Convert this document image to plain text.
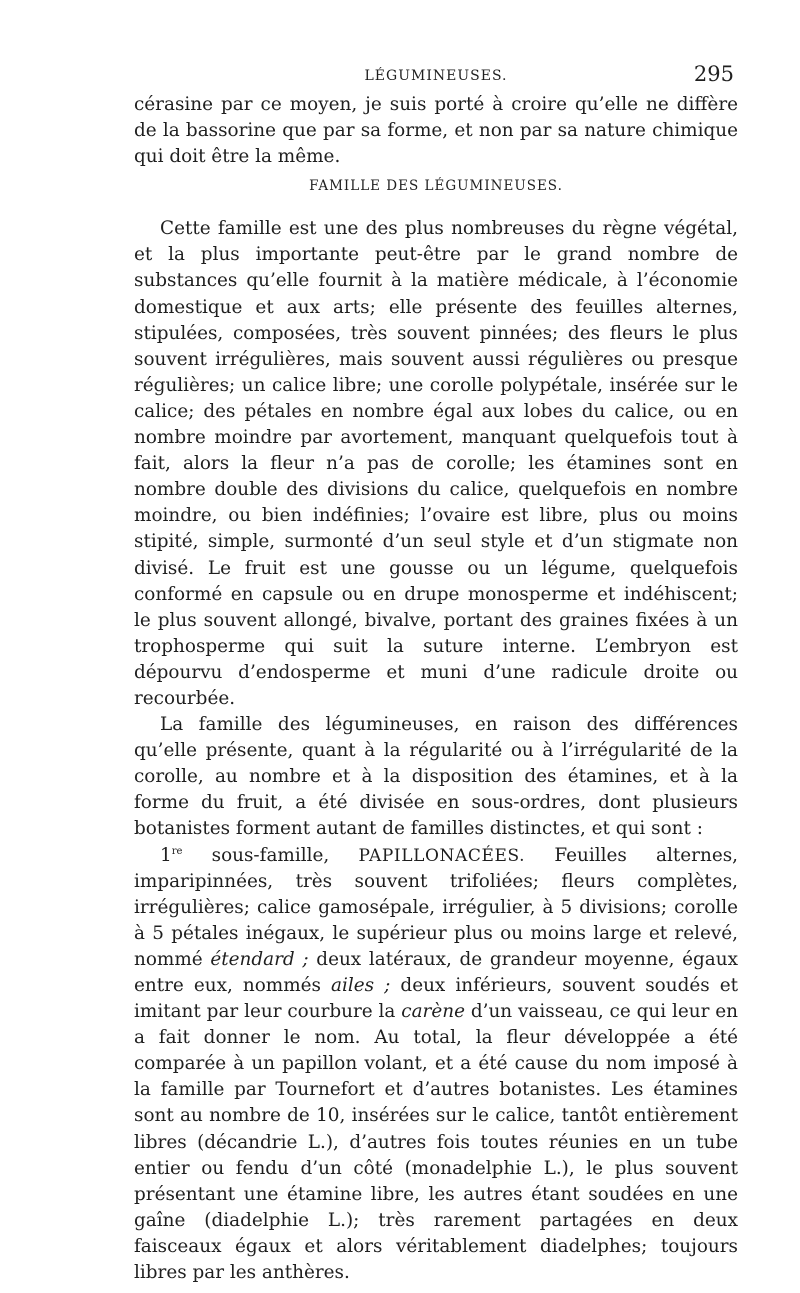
LÉGUMINEUSES.	295

cérasine par ce moyen, je suis porté à croire qu’elle ne diffère de la bassorine que par sa forme, et non par sa nature chimique qui doit être la même.

FAMILLE DES LÉGUMINEUSES.

Cette famille est une des plus nombreuses du règne végétal, et la plus importante peut-être par le grand nombre de substances qu’elle fournit à la matière médicale, à l’économie domestique et aux arts; elle présente des feuilles alternes, stipulées, composées, très souvent pinnées; des fleurs le plus souvent irrégulières, mais souvent aussi régulières ou presque régulières; un calice libre; une corolle polypétale, insérée sur le calice; des pétales en nombre égal aux lobes du calice, ou en nombre moindre par avortement, manquant quelquefois tout à fait, alors la fleur n’a pas de corolle; les étamines sont en nombre double des divisions du calice, quelquefois en nombre moindre, ou bien indéfinies; l’ovaire est libre, plus ou moins stipité, simple, surmonté d’un seul style et d’un stigmate non divisé. Le fruit est une gousse ou un légume, quelquefois conformé en capsule ou en drupe monosperme et indéhiscent; le plus souvent allongé, bivalve, portant des graines fixées à un trophosperme qui suit la suture interne. L’embryon est dépourvu d’endosperme et muni d’une radicule droite ou recourbée.

La famille des légumineuses, en raison des différences qu’elle présente, quant à la régularité ou à l’irrégularité de la corolle, au nombre et à la disposition des étamines, et à la forme du fruit, a été divisée en sous-ordres, dont plusieurs botanistes forment autant de familles distinctes, et qui sont :

1re sous-famille, PAPILLONACÉES. Feuilles alternes, imparipinnées, très souvent trifoliées; fleurs complètes, irrégulières; calice gamosépale, irrégulier, à 5 divisions; corolle à 5 pétales inégaux, le supérieur plus ou moins large et relevé, nommé étendard ; deux latéraux, de grandeur moyenne, égaux entre eux, nommés ailes ; deux inférieurs, souvent soudés et imitant par leur courbure la carène d’un vaisseau, ce qui leur en a fait donner le nom. Au total, la fleur développée a été comparée à un papillon volant, et a été cause du nom imposé à la famille par Tournefort et d’autres botanistes. Les étamines sont au nombre de 10, insérées sur le calice, tantôt entièrement libres (décandrie L.), d’autres fois toutes réunies en un tube entier ou fendu d’un côté (monadelphie L.), le plus souvent présentant une étamine libre, les autres étant soudées en une gaîne (diadelphie L.); très rarement partagées en deux faisceaux égaux et alors véritablement diadelphes; toujours libres par les anthères.
